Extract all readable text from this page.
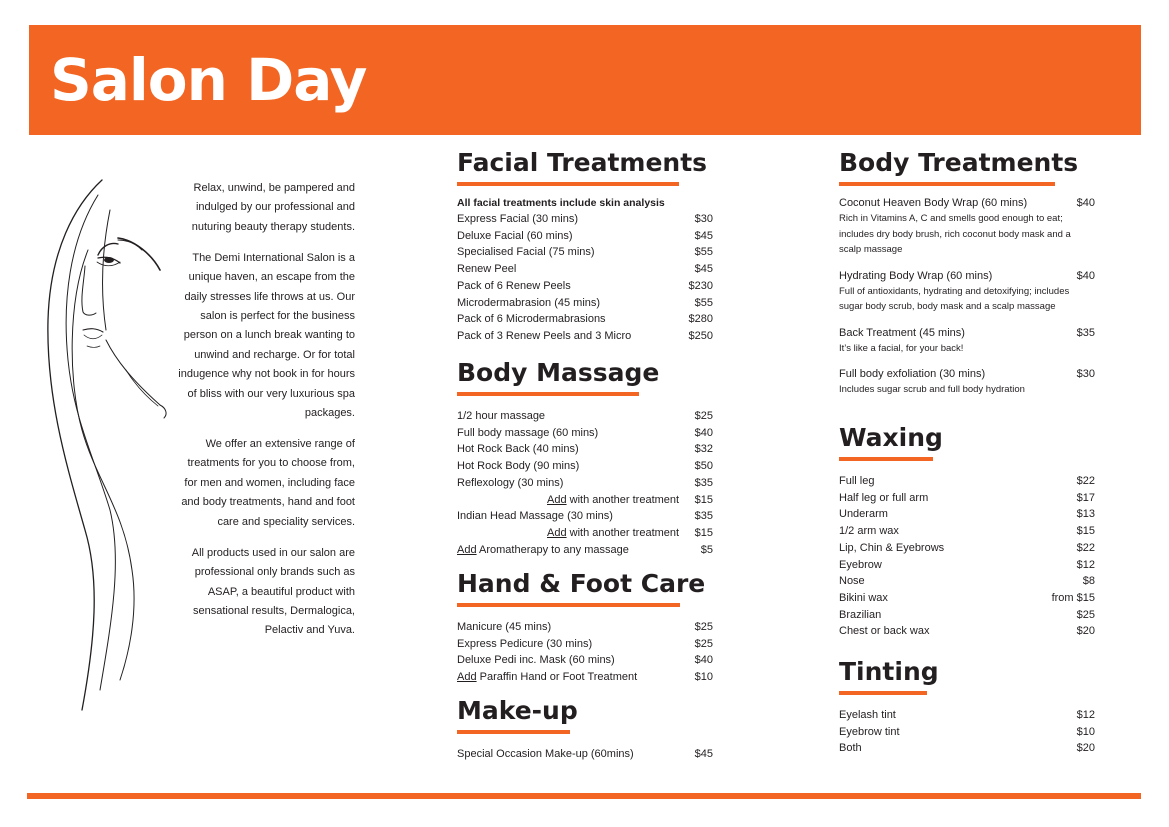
Salon Day

Relax, unwind, be pampered and indulged by our professional and nuturing beauty therapy students.

The Demi International Salon is a unique haven, an escape from the daily stresses life throws at us. Our salon is perfect for the business person on a lunch break wanting to unwind and recharge. Or for total indugence why not book in for hours of bliss with our very luxurious spa packages.

We offer an extensive range of treatments for you to choose from, for men and women, including face and body treatments, hand and foot care and speciality services.

All products used in our salon are professional only brands such as ASAP, a beautiful product with sensational results, Dermalogica, Pelactiv and Yuva.

Facial Treatments
All facial treatments include skin analysis
Express Facial (30 mins)	$30
Deluxe Facial (60 mins)	$45
Specialised Facial (75 mins)	$55
Renew Peel	$45
Pack of 6 Renew Peels	$230
Microdermabrasion (45 mins)	$55
Pack of 6 Microdermabrasions	$280
Pack of 3 Renew Peels and 3 Micro	$250
Body Massage
1/2 hour massage	$25
Full body massage (60 mins)	$40
Hot Rock Back (40 mins)	$32
Hot Rock Body (90 mins)	$50
Reflexology (30 mins)	$35
Add with another treatment $15
Indian Head Massage (30 mins)	$35
Add with another treatment $15
Add Aromatherapy to any massage	$5
Hand & Foot Care
Manicure (45 mins)	$25
Express Pedicure (30 mins)	$25
Deluxe Pedi inc. Mask (60 mins)	$40
Add Paraffin Hand or Foot Treatment	$10
Make-up
Special Occasion Make-up (60mins)	$45
Body Treatments
Coconut Heaven Body Wrap (60 mins)	$40
Rich in Vitamins A, C and smells good enough to eat; includes dry body brush, rich coconut body mask and a scalp massage
Hydrating Body Wrap (60 mins)	$40
Full of antioxidants, hydrating and detoxifying; includes sugar body scrub, body mask and a scalp massage
Back Treatment (45 mins)	$35
It’s like a facial, for your back!
Full body exfoliation (30 mins)	$30
Includes sugar scrub and full body hydration
Waxing
Full leg	$22
Half leg or full arm	$17
Underarm	$13
1/2 arm wax	$15
Lip, Chin & Eyebrows	$22
Eyebrow	$12
Nose	$8
Bikini wax	from $15
Brazilian	$25
Chest or back wax	$20
Tinting
Eyelash tint	$12
Eyebrow tint	$10
Both	$20
